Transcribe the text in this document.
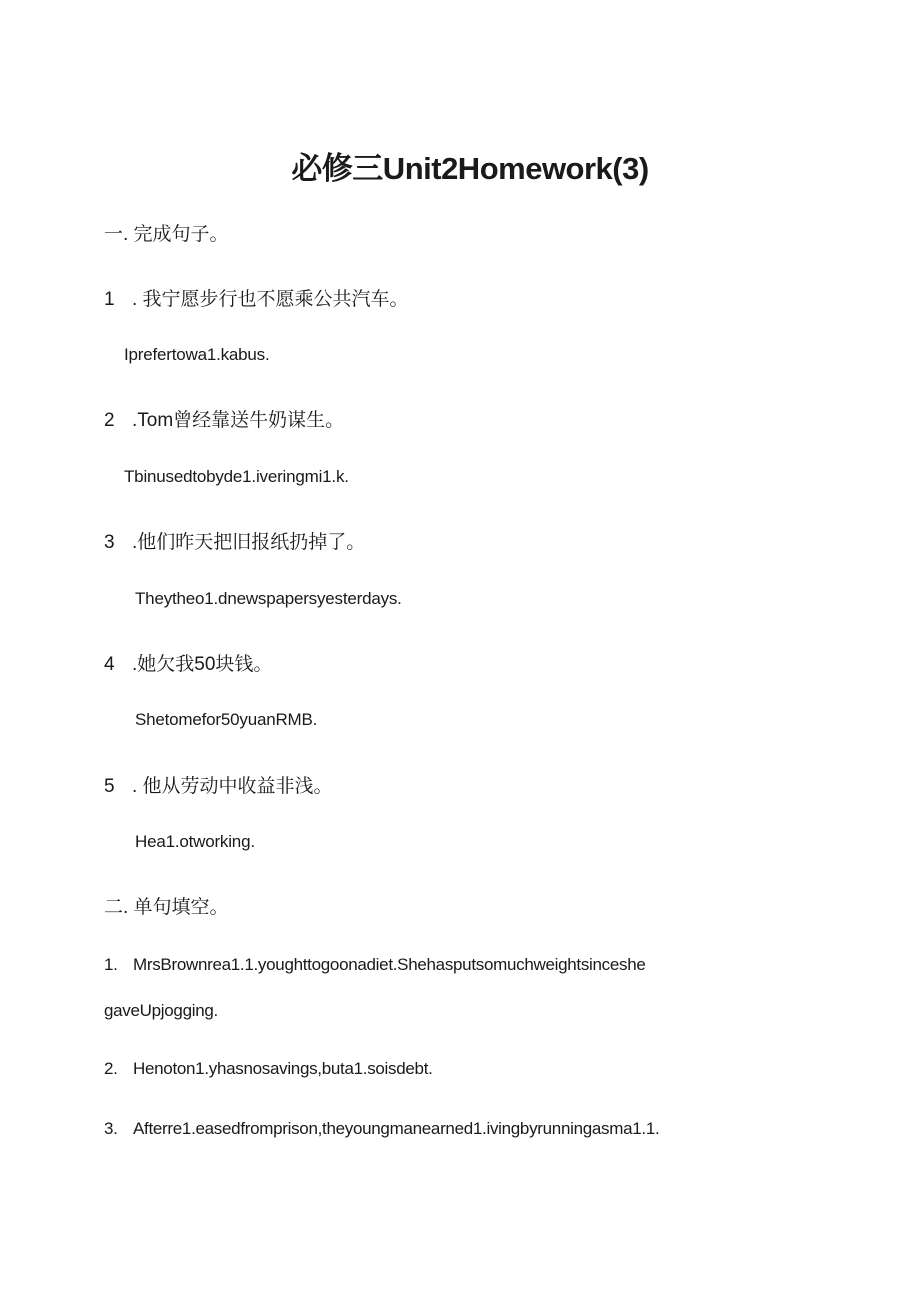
必修三Unit2Homework(3)
一. 完成句子。
1 . 我宁愿步行也不愿乘公共汽车。
Iprefertowa1.kabus.
2 .Tom曾经靠送牛奶谋生。
Tbinusedtobyde1.iveringmi1.k.
3 .他们昨天把旧报纸扔掉了。
Theytheo1.dnewspapersyesterdays.
4 .她欠我50块钱。
Shetomefor50yuanRMB.
5 . 他从劳动中收益非浅。
Hea1.otworking.
二. 单句填空。
1. MrsBrownrea1.1.youghttogoonadiet.Shehasputsomuchweightsinceshe
gaveUpjogging.
2. Henoton1.yhasnosavings,buta1.soisdebt.
3. Afterre1.easedfromprison,theyoungmanearned1.ivingbyrunningasma1.1.
